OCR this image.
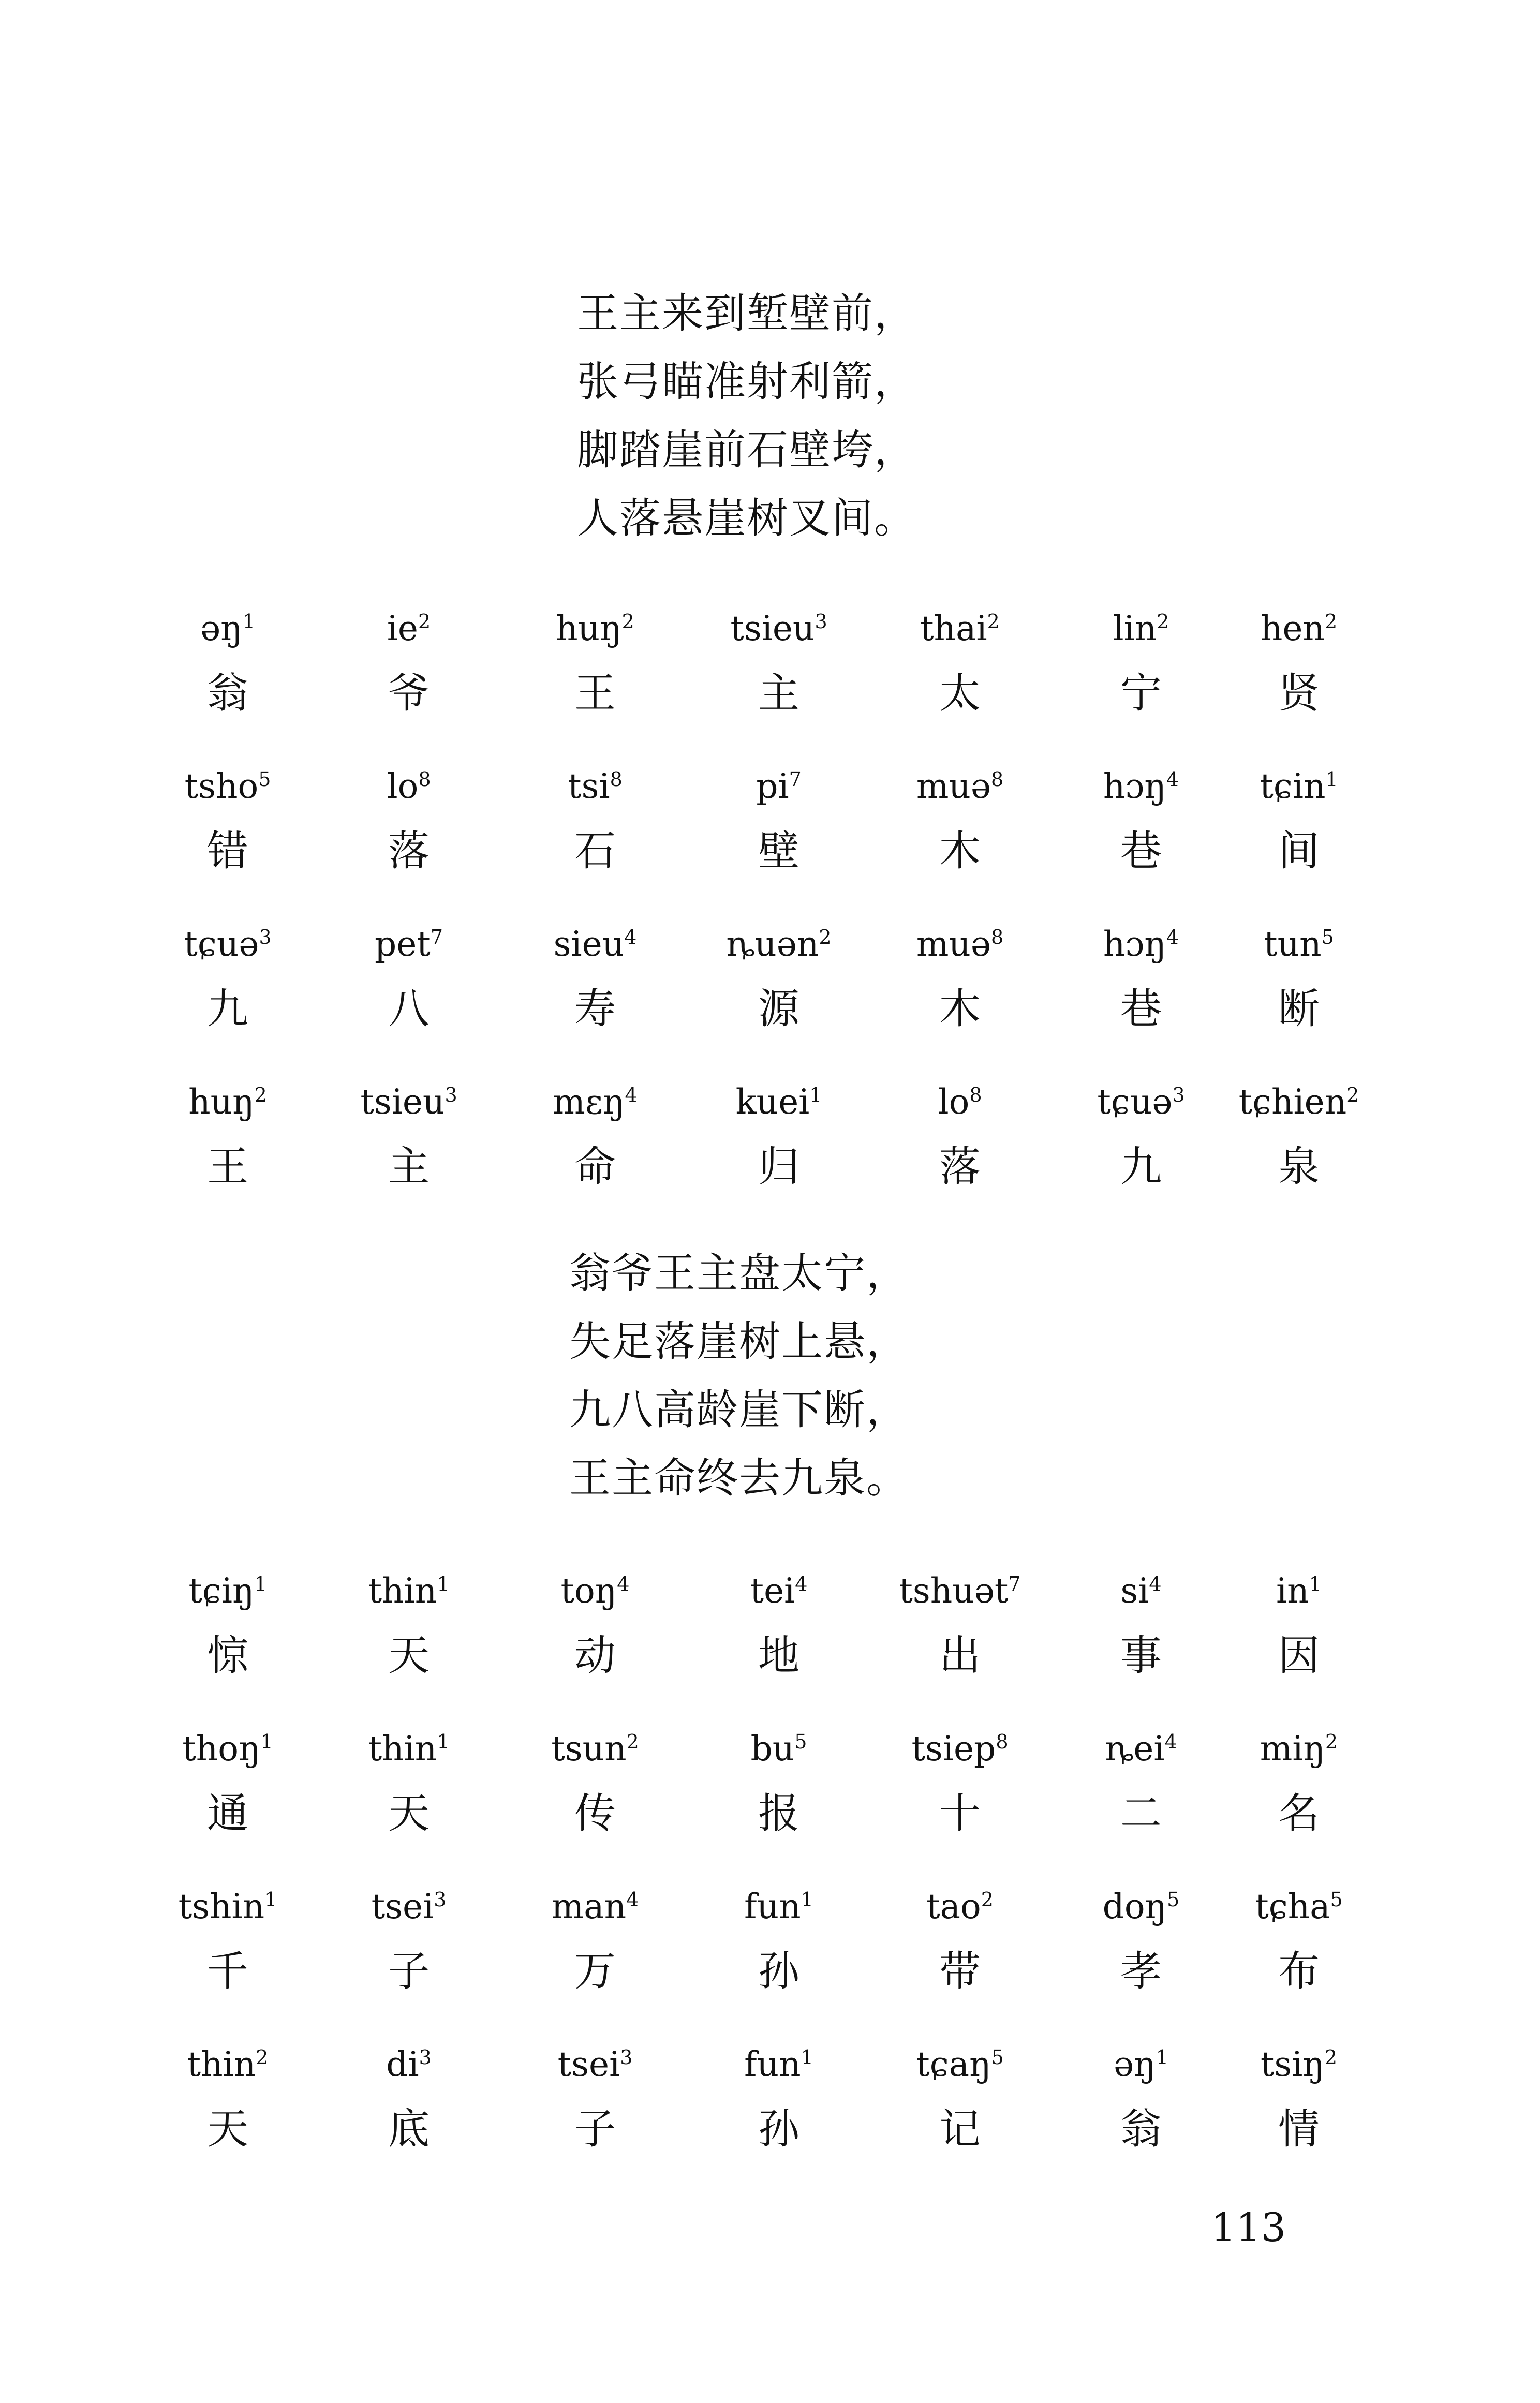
王主来到堑壁前，
张弓瞄准射利箭，
脚踏崖前石壁垮，
人落悬崖树叉间。
əŋ$^1$
翁
$ie^2$
爷
huŋ$^2$
王
tsieu$^3$
主
thai$^2$
太
lin$^2$
宁
hen$^2$
贤
tsho$^5$
错
$lo^8$
落
tsi$^8$
石
$pi^7$
壁
muə$^8$
木
hɔŋ$^4$
巷
tɕin$^1$
间
tɕuə$^3$
九
pet$^7$
八
sieu$^4$
寿
ȵuən$^2$
源
muə$^8$
木
hɔŋ$^4$
巷
tun$^5$
断
huŋ$^2$
王
tsieu$^3$
主
mɛŋ$^4$
命
kuei$^1$
归
$lo^8$
落
tɕuə$^3$
九
tɕhien$^2$
泉
翁爷王主盘太宁，
失足落崖树上悬，
九八高龄崖下断，
王主命终去九泉。
tɕiŋ$^1$
惊
thin$^1$
天
toŋ$^4$
动
tei$^4$
地
tshuət$^7$
出
$si^4$
事
$in^1$
因
thoŋ$^1$
通
thin$^1$
天
tsun$^2$
传
$bu^5$
报
tsiep$^8$
十
ȵei$^4$
二
miŋ$^2$
名
tshin$^1$
千
tsei$^3$
子
man$^4$
万
fun$^1$
孙
tao$^2$
带
doŋ$^5$
孝
tɕha$^5$
布
thin$^2$
天
$di^3$
底
tsei$^3$
子
fun$^1$
孙
tɕaŋ$^5$
记
əŋ$^1$
翁
tsiŋ$^2$
情
113
